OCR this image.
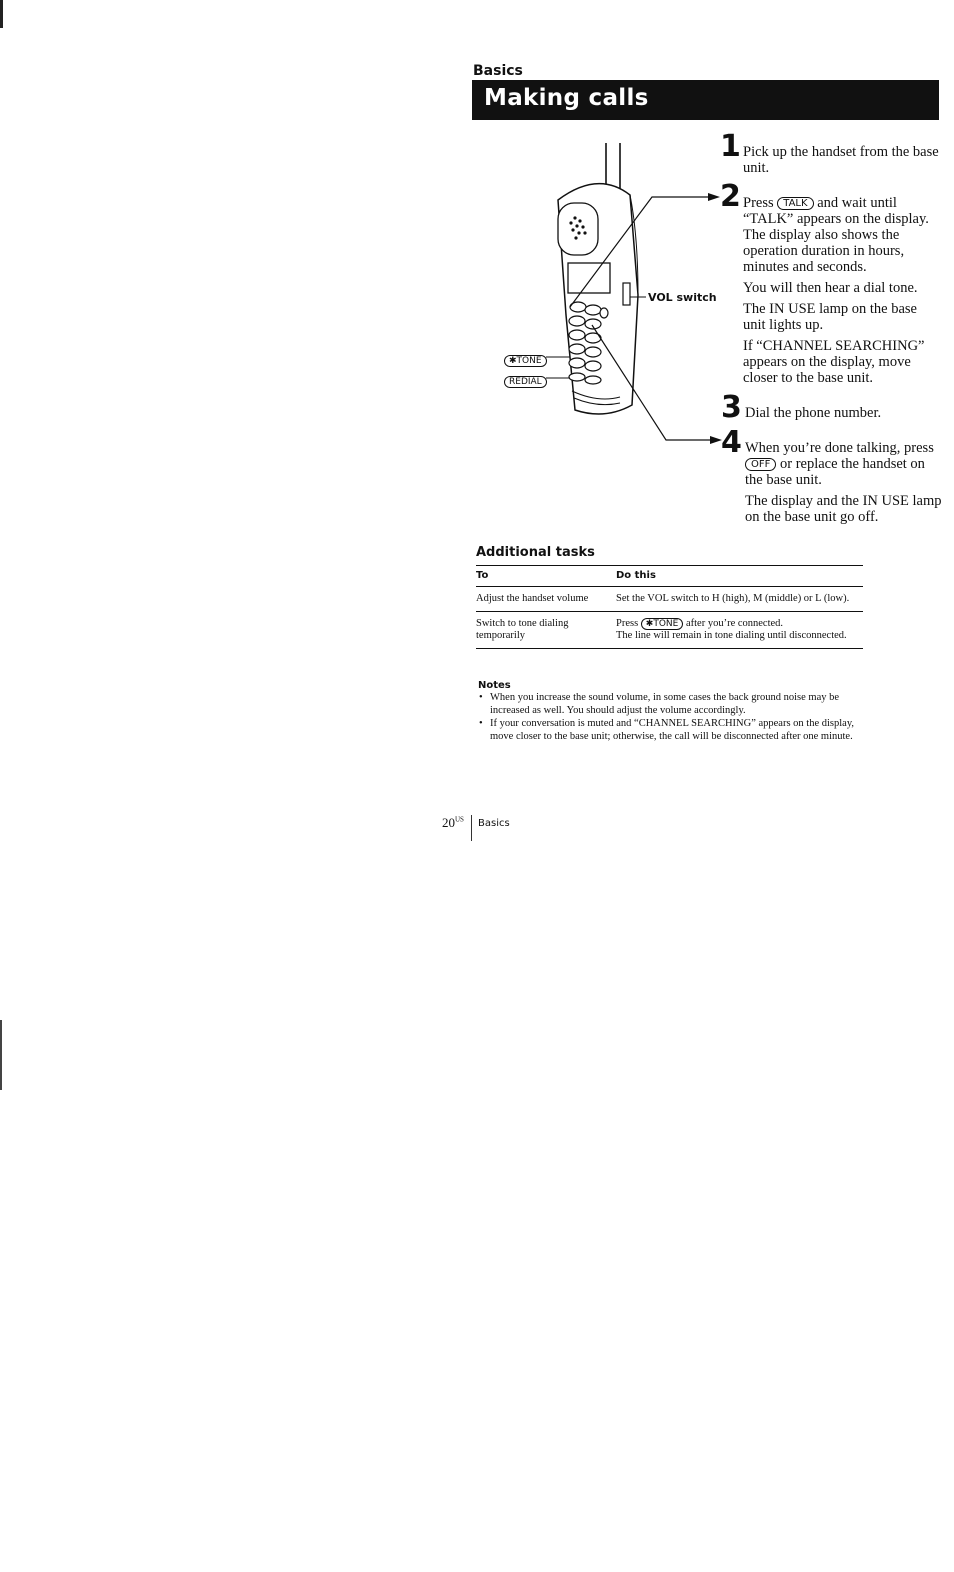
Basics
Making calls
VOL switch
✱TONE
REDIAL
1 Pick up the handset from the base unit.

2 Press TALK and wait until “TALK” appears on the display. The display also shows the operation duration in hours, minutes and seconds.

You will then hear a dial tone.

The IN USE lamp on the base unit lights up.

If “CHANNEL SEARCHING” appears on the display, move closer to the base unit.

3 Dial the phone number.

4 When you’re done talking, press OFF or replace the handset on the base unit.

The display and the IN USE lamp on the base unit go off.

Additional tasks
To	Do this
Adjust the handset volume	Set the VOL switch to H (high), M (middle) or L (low).
Switch to tone dialing temporarily
Press ✱TONE after you’re connected.
The line will remain in tone dialing until disconnected.
Notes
• When you increase the sound volume, in some cases the back ground noise may be increased as well. You should adjust the volume accordingly.
• If your conversation is muted and “CHANNEL SEARCHING” appears on the display, move closer to the base unit; otherwise, the call will be disconnected after one minute.
$20^{US}$ Basics
